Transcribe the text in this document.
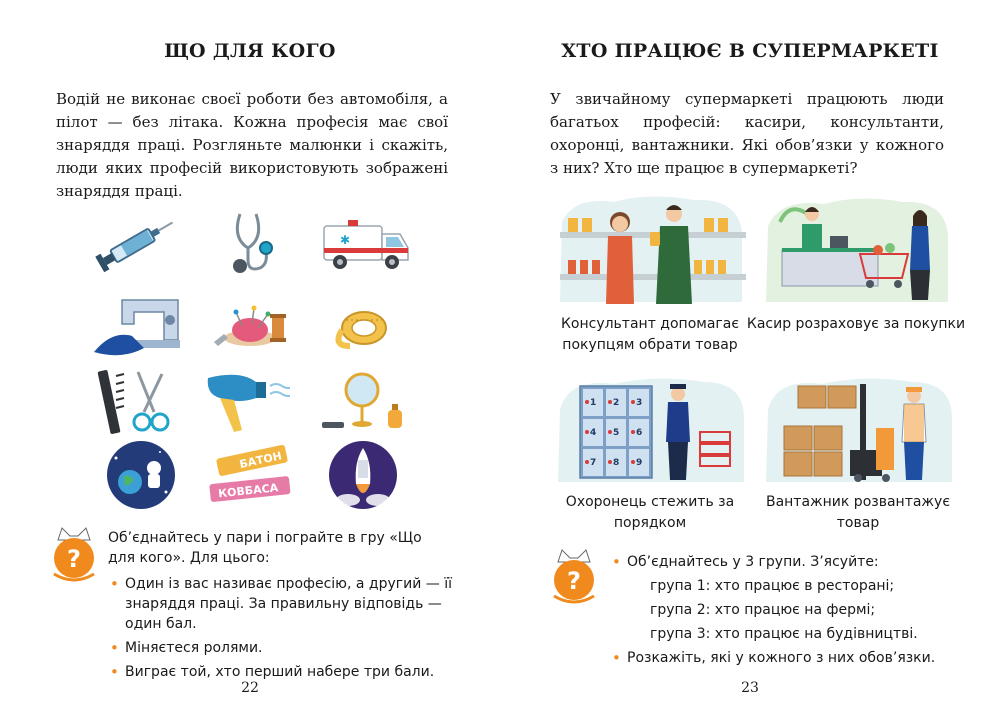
ЩО ДЛЯ КОГО
Водій не виконає своєї роботи без автомобіля, а пілот — без літака. Кожна професія має свої знаряддя праці. Розгляньте малюнки і скажіть, люди яких професій використовують зображені знаряддя праці.
✱
БАТОН
КОВБАСА
?

Об’єднайтесь у пари і пограйте в гру «Що для кого». Для цього:

• Один із вас називає професію, а другий — її знаряддя праці. За правильну відповідь — один бал.
• Міняєтеся ролями.
• Виграє той, хто перший набере три бали.
22
ХТО ПРАЦЮЄ В СУПЕРМАРКЕТІ
У звичайному супермаркеті працюють люди багатьох професій: касири, консультанти, охоронці, вантажники. Які обов’язки у кожного з них? Хто ще працює в супермаркеті?
Консультант допомагає покупцям обрати товар
Касир розраховує за покупки
1 2 3
4 5 6
7 8 9
Охоронець стежить за порядком
Вантажник розвантажує товар
?
• Об’єднайтесь у 3 групи. З’ясуйте:
група 1: хто працює в ресторані;
група 2: хто працює на фермі;
група 3: хто працює на будівництві.
• Розкажіть, які у кожного з них обов’язки.
23
